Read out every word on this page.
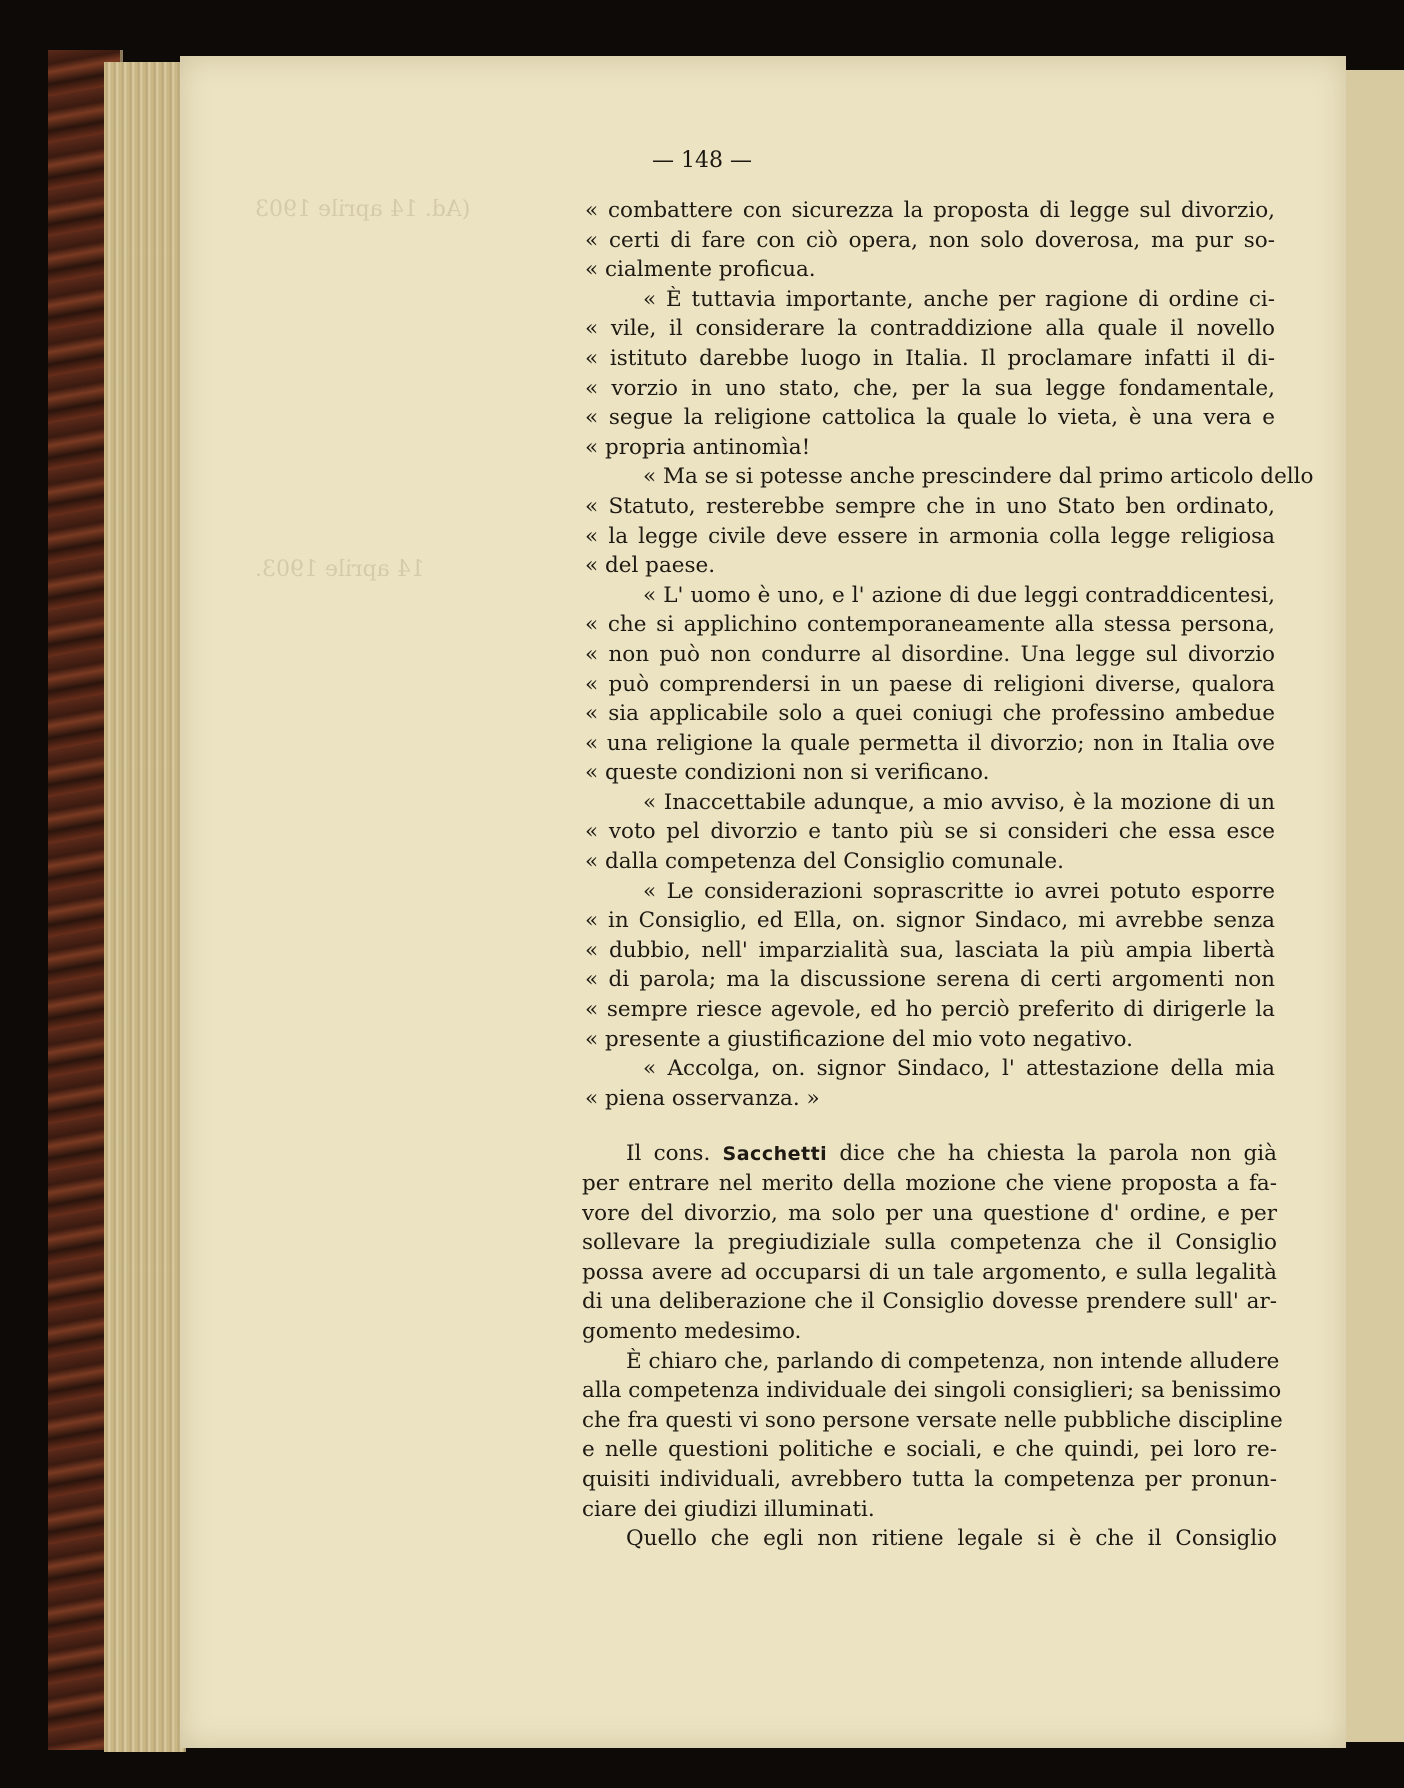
(Ad. 14 aprile 1903
14 aprile 1903.
— 148 —
« combattere con sicurezza la proposta di legge sul divorzio,
« certi di fare con ciò opera, non solo doverosa, ma pur so-
« cialmente proficua.
« È tuttavia importante, anche per ragione di ordine ci-
« vile, il considerare la contraddizione alla quale il novello
« istituto darebbe luogo in Italia. Il proclamare infatti il di-
« vorzio in uno stato, che, per la sua legge fondamentale,
« segue la religione cattolica la quale lo vieta, è una vera e
« propria antinomìa!
« Ma se si potesse anche prescindere dal primo articolo dello
« Statuto, resterebbe sempre che in uno Stato ben ordinato,
« la legge civile deve essere in armonia colla legge religiosa
« del paese.
« L' uomo è uno, e l' azione di due leggi contraddicentesi,
« che si applichino contemporaneamente alla stessa persona,
« non può non condurre al disordine. Una legge sul divorzio
« può comprendersi in un paese di religioni diverse, qualora
« sia applicabile solo a quei coniugi che professino ambedue
« una religione la quale permetta il divorzio; non in Italia ove
« queste condizioni non si verificano.
« Inaccettabile adunque, a mio avviso, è la mozione di un
« voto pel divorzio e tanto più se si consideri che essa esce
« dalla competenza del Consiglio comunale.
« Le considerazioni soprascritte io avrei potuto esporre
« in Consiglio, ed Ella, on. signor Sindaco, mi avrebbe senza
« dubbio, nell' imparzialità sua, lasciata la più ampia libertà
« di parola; ma la discussione serena di certi argomenti non
« sempre riesce agevole, ed ho perciò preferito di dirigerle la
« presente a giustificazione del mio voto negativo.
« Accolga, on. signor Sindaco, l' attestazione della mia
« piena osservanza. »
Il cons. Sacchetti dice che ha chiesta la parola non già
per entrare nel merito della mozione che viene proposta a fa-
vore del divorzio, ma solo per una questione d' ordine, e per
sollevare la pregiudiziale sulla competenza che il Consiglio
possa avere ad occuparsi di un tale argomento, e sulla legalità
di una deliberazione che il Consiglio dovesse prendere sull' ar-
gomento medesimo.
È chiaro che, parlando di competenza, non intende alludere
alla competenza individuale dei singoli consiglieri; sa benissimo
che fra questi vi sono persone versate nelle pubbliche discipline
e nelle questioni politiche e sociali, e che quindi, pei loro re-
quisiti individuali, avrebbero tutta la competenza per pronun-
ciare dei giudizi illuminati.
Quello che egli non ritiene legale si è che il Consiglio
